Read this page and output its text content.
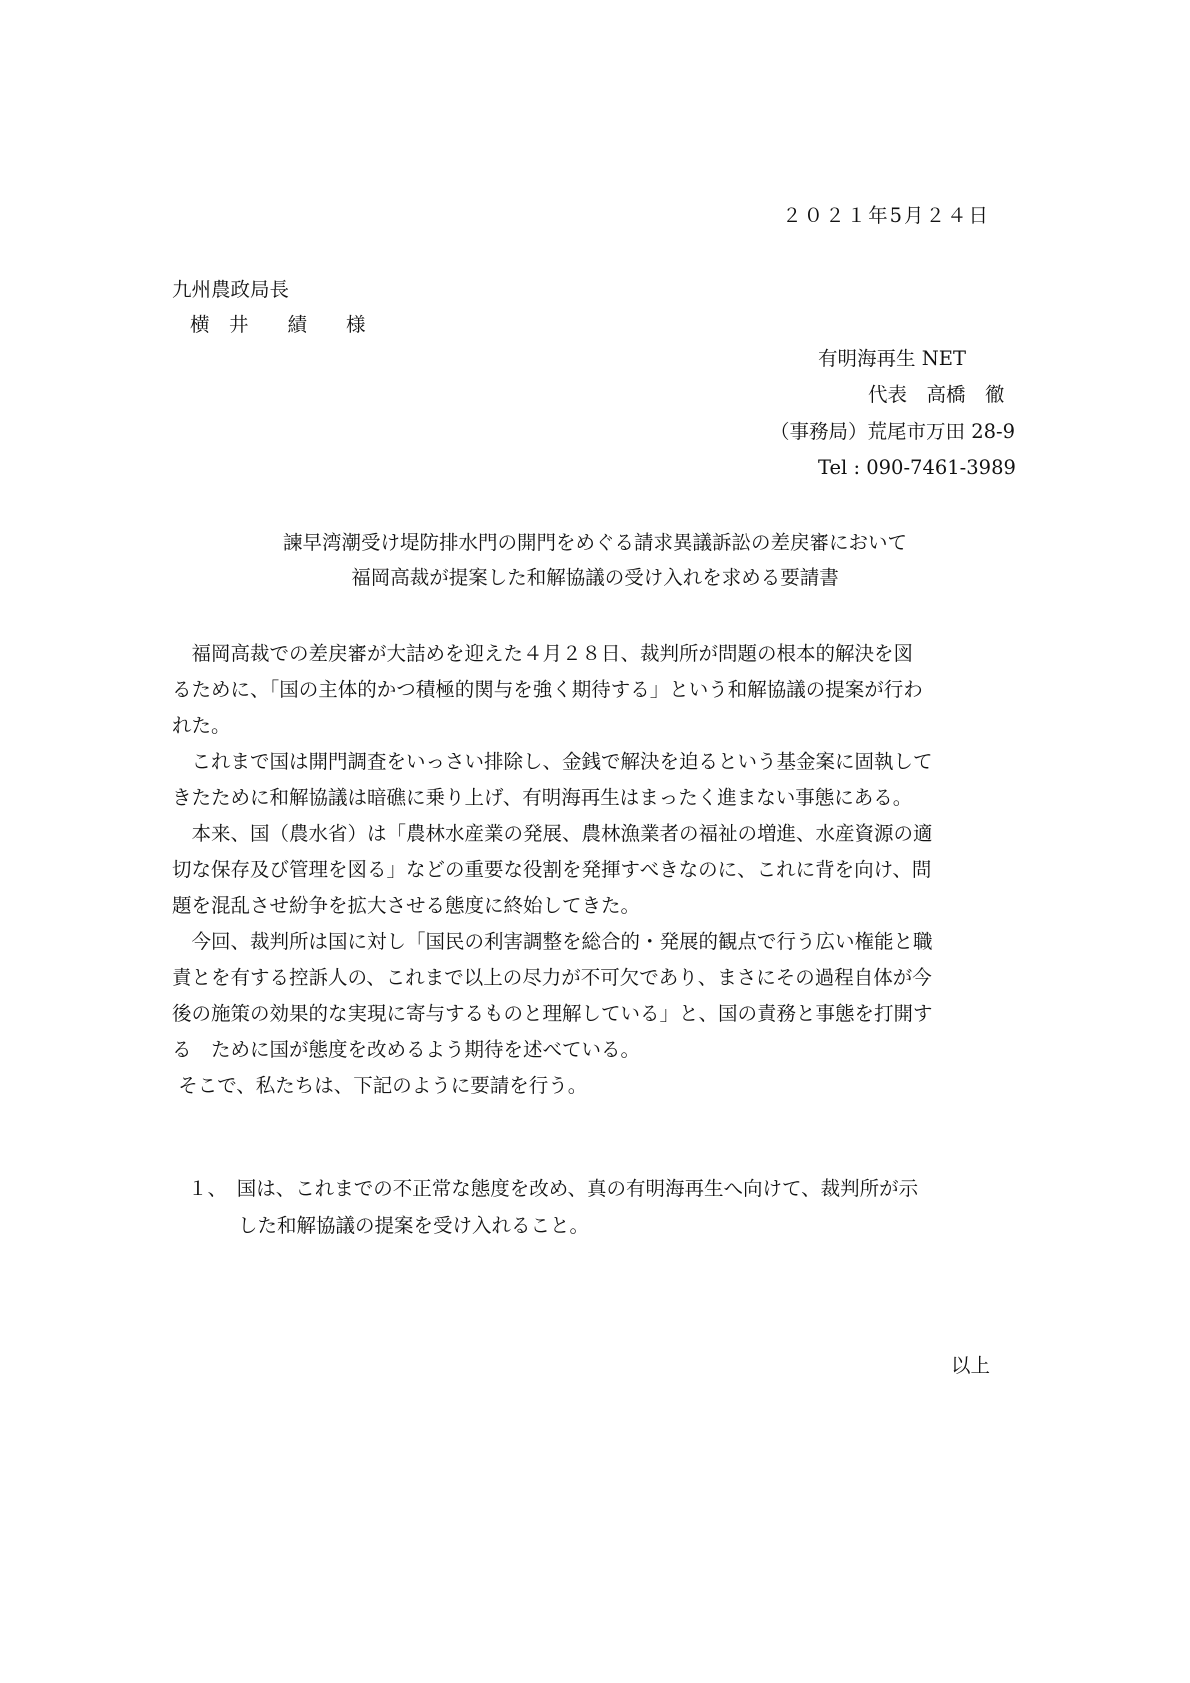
２０２１年5月２４日
九州農政局長
横　井　　績　　様
有明海再生 NET
代表　高橋　徹
（事務局）荒尾市万田 28-9
Tel : 090-7461-3989
諫早湾潮受け堤防排水門の開門をめぐる請求異議訴訟の差戻審において
福岡高裁が提案した和解協議の受け入れを求める要請書
　福岡高裁での差戻審が大詰めを迎えた４月２８日、裁判所が問題の根本的解決を図
るために、「国の主体的かつ積極的関与を強く期待する」という和解協議の提案が行わ
れた。
　これまで国は開門調査をいっさい排除し、金銭で解決を迫るという基金案に固執して
きたために和解協議は暗礁に乗り上げ、有明海再生はまったく進まない事態にある。
　本来、国（農水省）は「農林水産業の発展、農林漁業者の福祉の増進、水産資源の適
切な保存及び管理を図る」などの重要な役割を発揮すべきなのに、これに背を向け、問
題を混乱させ紛争を拡大させる態度に終始してきた。
　今回、裁判所は国に対し「国民の利害調整を総合的・発展的観点で行う広い権能と職
責とを有する控訴人の、これまで以上の尽力が不可欠であり、まさにその過程自体が今
後の施策の効果的な実現に寄与するものと理解している」と、国の責務と事態を打開す
る　ために国が態度を改めるよう期待を述べている。
そこで、私たちは、下記のように要請を行う。
１、　国は、これまでの不正常な態度を改め、真の有明海再生へ向けて、裁判所が示
した和解協議の提案を受け入れること。
以上
